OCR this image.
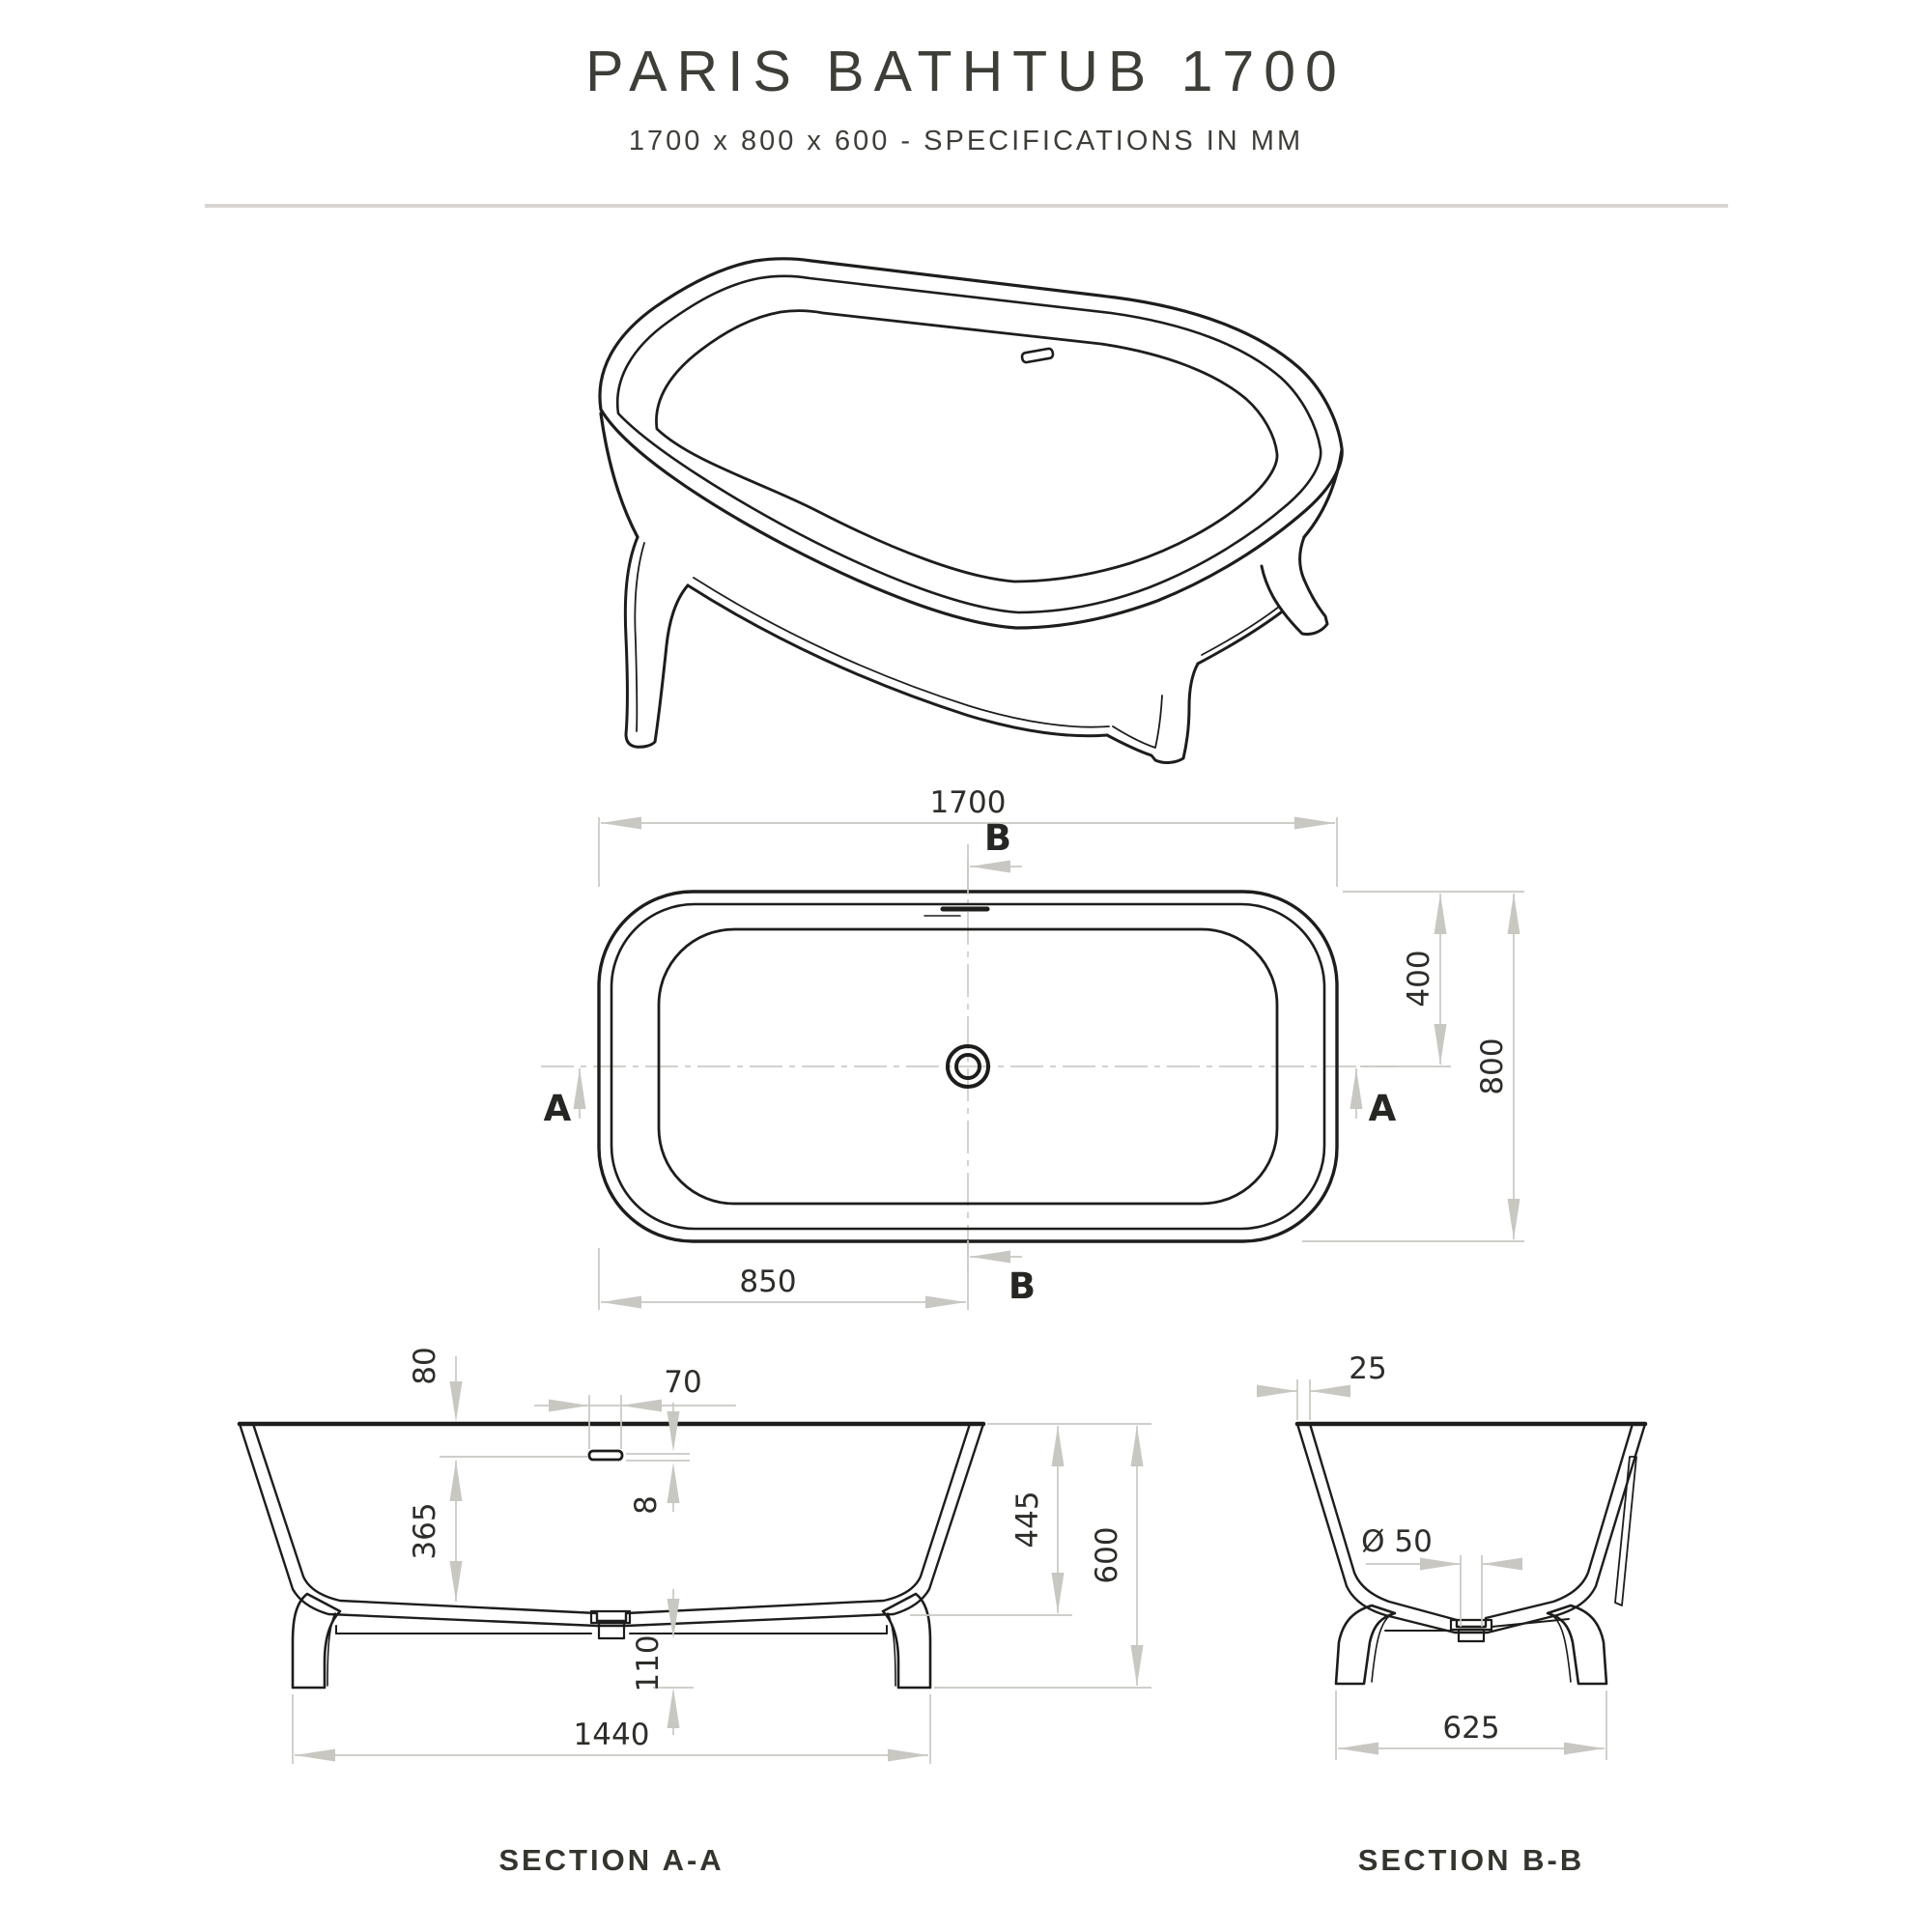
PARIS BATHTUB 1700
1700 x 800 x 600 - SPECIFICATIONS IN MM
1700
850
400
800
B
B
A	A
80
365
70
8
110
1440
445
600
SECTION A-A
25
Ø 50
625
SECTION B-B
